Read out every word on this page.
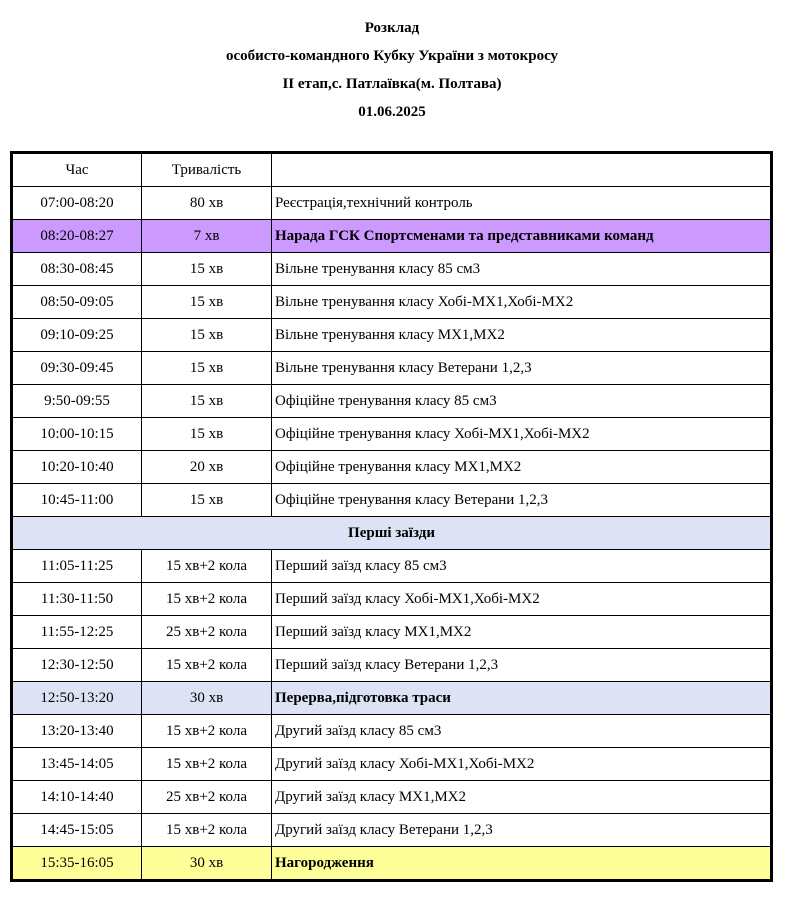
Розклад
особисто-командного Кубку України з мотокросу
ІІ етап,с. Патлаївка(м. Полтава)
01.06.2025
Час	Тривалість	
07:00-08:20	80 хв	Реєстрація,технічний контроль
08:20-08:27	7 хв	Нарада ГСК Спортсменами та представниками команд
08:30-08:45	15 хв	Вільне тренування класу 85 см3
08:50-09:05	15 хв	Вільне тренування класу Хобі-МХ1,Хобі-МХ2
09:10-09:25	15 хв	Вільне тренування класу МХ1,МХ2
09:30-09:45	15 хв	Вільне тренування класу Ветерани 1,2,3
9:50-09:55	15 хв	Офіційне тренування класу 85 см3
10:00-10:15	15 хв	Офіційне тренування класу Хобі-МХ1,Хобі-МХ2
10:20-10:40	20 хв	Офіційне тренування класу МХ1,МХ2
10:45-11:00	15 хв	Офіційне тренування класу Ветерани 1,2,3
Перші заїзди		
11:05-11:25	15 хв+2 кола	Перший заїзд класу 85 см3
11:30-11:50	15 хв+2 кола	Перший заїзд класу Хобі-МХ1,Хобі-МХ2
11:55-12:25	25 хв+2 кола	Перший заїзд класу МХ1,МХ2
12:30-12:50	15 хв+2 кола	Перший заїзд класу Ветерани 1,2,3
12:50-13:20	30 хв	Перерва,підготовка траси
13:20-13:40	15 хв+2 кола	Другий заїзд класу 85 см3
13:45-14:05	15 хв+2 кола	Другий заїзд класу Хобі-МХ1,Хобі-МХ2
14:10-14:40	25 хв+2 кола	Другий заїзд класу МХ1,МХ2
14:45-15:05	15 хв+2 кола	Другий заїзд класу Ветерани 1,2,3
15:35-16:05	30 хв	Нагородження
